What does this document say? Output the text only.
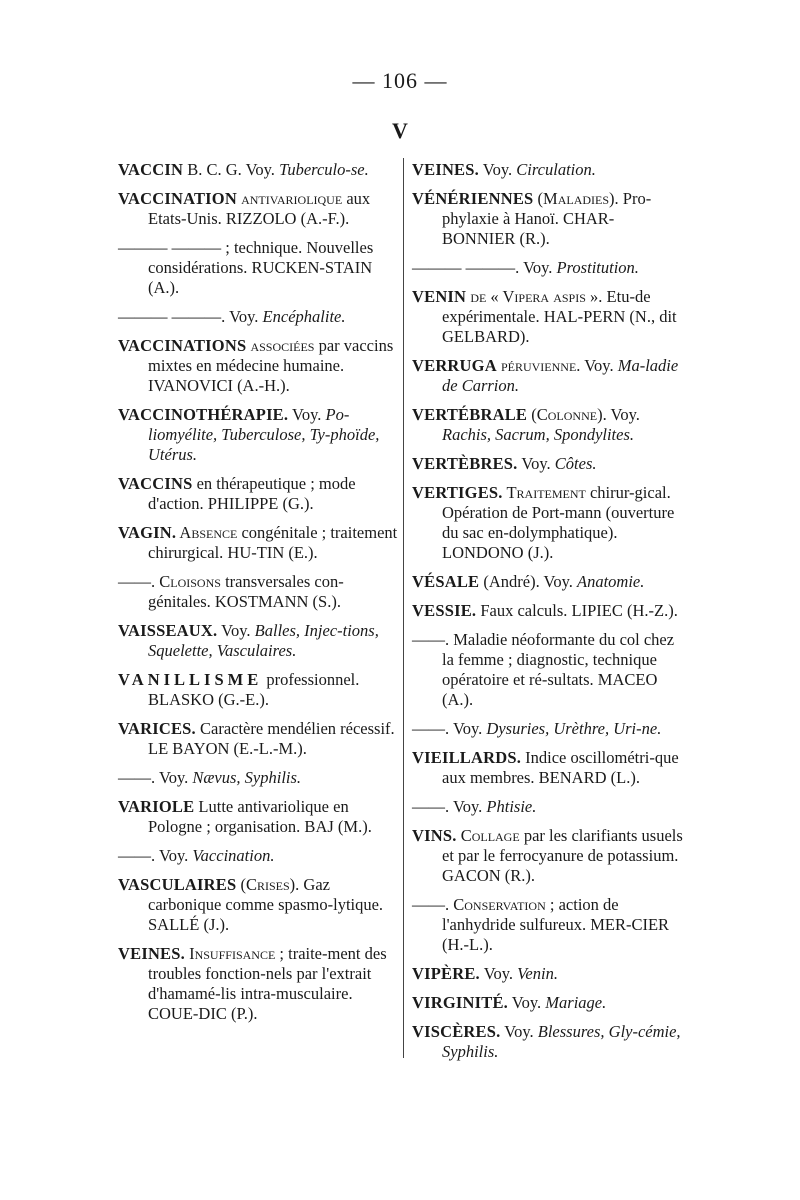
— 106 —
V

VACCIN B. C. G. Voy. Tuberculo-se.

VACCINATION antivariolique aux Etats-Unis. RIZZOLO (A.-F.).

——— ——— ; technique. Nouvelles considérations. RUCKEN-STAIN (A.).

——— ———. Voy. Encéphalite.

VACCINATIONS associées par vaccins mixtes en médecine humaine. IVANOVICI (A.-H.).

VACCINOTHÉRAPIE. Voy. Po-liomyélite, Tuberculose, Ty-phoïde, Utérus.

VACCINS en thérapeutique ; mode d'action. PHILIPPE (G.).

VAGIN. Absence congénitale ; traitement chirurgical. HU-TIN (E.).

——. Cloisons transversales con-génitales. KOSTMANN (S.).

VAISSEAUX. Voy. Balles, Injec-tions, Squelette, Vasculaires.

VANILLISME professionnel. BLASKO (G.-E.).

VARICES. Caractère mendélien récessif. LE BAYON (E.-L.-M.).

——. Voy. Nævus, Syphilis.

VARIOLE Lutte antivariolique en Pologne ; organisation. BAJ (M.).

——. Voy. Vaccination.

VASCULAIRES (Crises). Gaz carbonique comme spasmo-lytique. SALLÉ (J.).

VEINES. Insuffisance ; traite-ment des troubles fonction-nels par l'extrait d'hamamé-lis intra-musculaire. COUE-DIC (P.).

VEINES. Voy. Circulation.

VÉNÉRIENNES (Maladies). Pro-phylaxie à Hanoï. CHAR-BONNIER (R.).

——— ———. Voy. Prostitution.

VENIN de « Vipera aspis ». Etu-de expérimentale. HAL-PERN (N., dit GELBARD).

VERRUGA péruvienne. Voy. Ma-ladie de Carrion.

VERTÉBRALE (Colonne). Voy. Rachis, Sacrum, Spondylites.

VERTÈBRES. Voy. Côtes.

VERTIGES. Traitement chirur-gical. Opération de Port-mann (ouverture du sac en-dolymphatique). LONDONO (J.).

VÉSALE (André). Voy. Anatomie.

VESSIE. Faux calculs. LIPIEC (H.-Z.).

——. Maladie néoformante du col chez la femme ; diagnostic, technique opératoire et ré-sultats. MACEO (A.).

——. Voy. Dysuries, Urèthre, Uri-ne.

VIEILLARDS. Indice oscillométri-que aux membres. BENARD (L.).

——. Voy. Phtisie.

VINS. Collage par les clarifiants usuels et par le ferrocyanure de potassium. GACON (R.).

——. Conservation ; action de l'anhydride sulfureux. MER-CIER (H.-L.).

VIPÈRE. Voy. Venin.

VIRGINITÉ. Voy. Mariage.

VISCÈRES. Voy. Blessures, Gly-cémie, Syphilis.
